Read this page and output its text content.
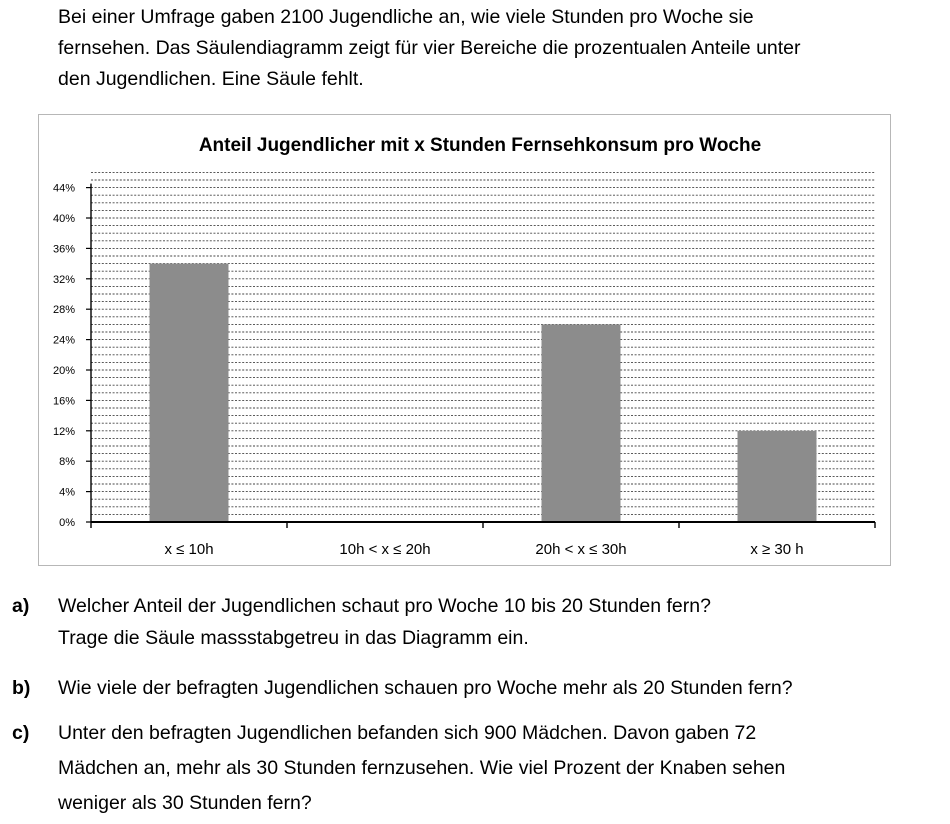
Bei einer Umfrage gaben 2100 Jugendliche an, wie viele Stunden pro Woche sie
fernsehen. Das Säulendiagramm zeigt für vier Bereiche die prozentualen Anteile unter
den Jugendlichen. Eine Säule fehlt.
Anteil Jugendlicher mit x Stunden Fernsehkonsum pro Woche
0%
4%
8%
12%
16%
20%
24%
28%
32%
36%
40%
44%
x ≤ 10h	10h < x ≤ 20h	20h < x ≤ 30h	x ≥ 30 h
a) Welcher Anteil der Jugendlichen schaut pro Woche 10 bis 20 Stunden fern?
Trage die Säule massstabgetreu in das Diagramm ein.
b) Wie viele der befragten Jugendlichen schauen pro Woche mehr als 20 Stunden fern?
c) Unter den befragten Jugendlichen befanden sich 900 Mädchen. Davon gaben 72
Mädchen an, mehr als 30 Stunden fernzusehen. Wie viel Prozent der Knaben sehen
weniger als 30 Stunden fern?
